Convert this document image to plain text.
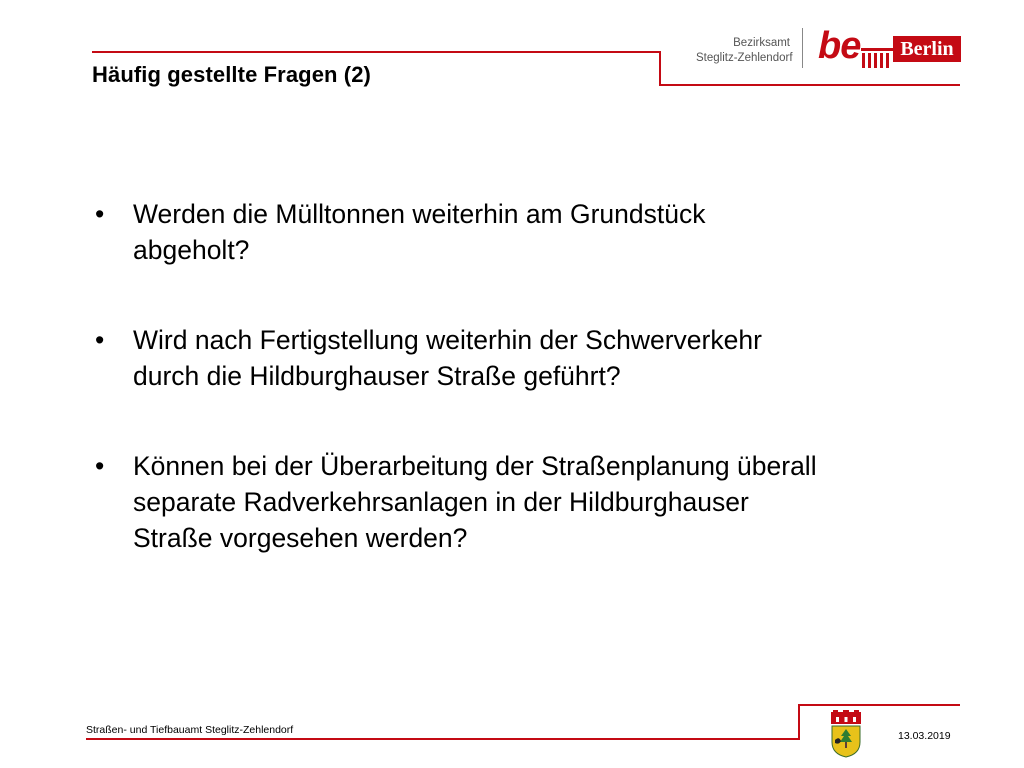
Häufig gestellte Fragen (2)
Bezirksamt
Steglitz-Zehlendorf be	Berlin
• Werden die Mülltonnen weiterhin am Grundstück
abgeholt?
• Wird nach Fertigstellung weiterhin der Schwerverkehr
durch die Hildburghauser Straße geführt?
• Können bei der Überarbeitung der Straßenplanung überall
separate Radverkehrsanlagen in der Hildburghauser
Straße vorgesehen werden?
Straßen- und Tiefbauamt Steglitz-Zehlendorf	13.03.2019
